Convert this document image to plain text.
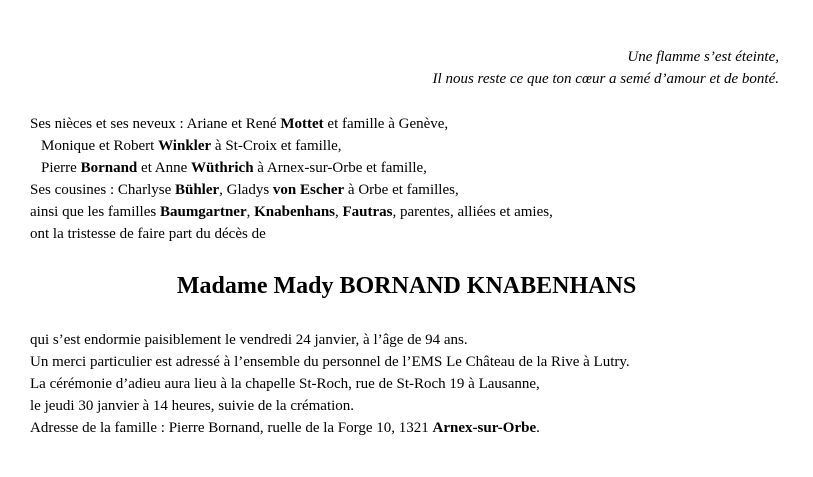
Une flamme s’est éteinte,
Il nous reste ce que ton cœur a semé d’amour et de bonté.
Ses nièces et ses neveux : Ariane et René Mottet et famille à Genève,
Monique et Robert Winkler à St-Croix et famille,
Pierre Bornand et Anne Wüthrich à Arnex-sur-Orbe et famille,
Ses cousines : Charlyse Bühler, Gladys von Escher à Orbe et familles,
ainsi que les familles Baumgartner, Knabenhans, Fautras, parentes, alliées et amies,
ont la tristesse de faire part du décès de
Madame Mady BORNAND KNABENHANS
qui s’est endormie paisiblement le vendredi 24 janvier, à l’âge de 94 ans.
Un merci particulier est adressé à l’ensemble du personnel de l’EMS Le Château de la Rive à Lutry.
La cérémonie d’adieu aura lieu à la chapelle St-Roch, rue de St-Roch 19 à Lausanne,
le jeudi 30 janvier à 14 heures, suivie de la crémation.
Adresse de la famille : Pierre Bornand, ruelle de la Forge 10, 1321 Arnex-sur-Orbe.
